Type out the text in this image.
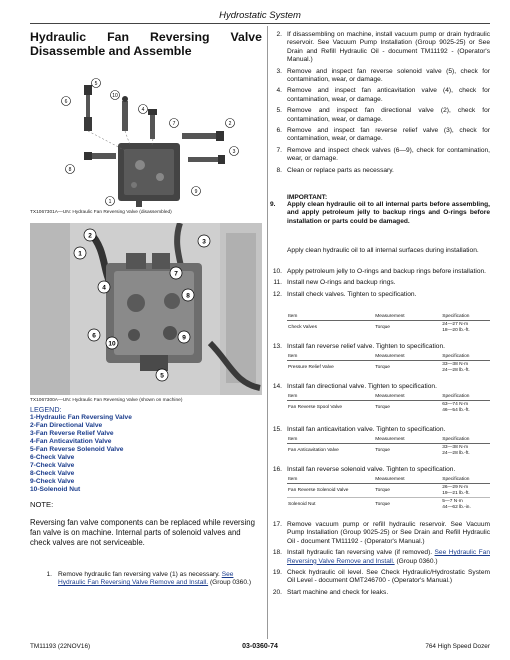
Hydrostatic System
Hydraulic Fan Reversing Valve
Disassemble and Assemble
6
5
10
4
7	2
3
8
9
1
TX1067301A—UN: Hydraulic Fan Reversing Valve (disassembled)
2
3
1
7
4
8
6
10
9
5
TX1067300A—UN: Hydraulic Fan Reversing Valve (shown on machine)
LEGEND:
1-Hydraulic Fan Reversing Valve
2-Fan Directional Valve
3-Fan Reverse Relief Valve
4-Fan Anticavitation Valve
5-Fan Reverse Solenoid Valve
6-Check Valve
7-Check Valve
8-Check Valve
9-Check Valve
10-Solenoid Nut
NOTE:
Reversing fan valve components can be replaced while reversing fan valve is on machine. Internal parts of solenoid valves and check valves are not serviceable.
1. Remove hydraulic fan reversing valve (1) as necessary. See Hydraulic Fan Reversing Valve Remove and Install. (Group 0360.)
2. If disassembling on machine, install vacuum pump or drain hydraulic reservoir. See Vacuum Pump Installation (Group 9025-25) or See Drain and Refill Hydraulic Oil - document TM11192 - (Operator's Manual.)
3. Remove and inspect fan reverse solenoid valve (5), check for contamination, wear, or damage.
4. Remove and inspect fan anticavitation valve (4), check for contamination, wear, or damage.
5. Remove and inspect fan directional valve (2), check for contamination, wear, or damage.
6. Remove and inspect fan reverse relief valve (3), check for contamination, wear, or damage.
7. Remove and inspect check valves (6—9), check for contamination, wear, or damage.
8. Clean or replace parts as necessary.
IMPORTANT:
9.	Apply clean hydraulic oil to all internal parts before assembling, and apply petroleum jelly to backup rings and O-rings before installation or parts could be damaged.
Apply clean hydraulic oil to all internal surfaces during installation.
10. Apply petroleum jelly to O-rings and backup rings before installation.
11. Install new O-rings and backup rings.
12. Install check valves. Tighten to specification.
Item	Measurement	Specification
Check Valves	Torque	24—27 N·m
18—20 lb.-ft.
13. Install fan reverse relief valve. Tighten to specification.
Item	Measurement	Specification
Pressure Relief Valve	Torque	33—38 N·m
24—28 lb.-ft.
14. Install fan directional valve. Tighten to specification.
Item	Measurement	Specification
Fan Reverse Spool Valve	Torque	63—74 N·m
46—54 lb.-ft.
15. Install fan anticavitation valve. Tighten to specification.
Item	Measurement	Specification
Fan Anticavitation Valve	Torque	33—38 N·m
24—28 lb.-ft.
16. Install fan reverse solenoid valve. Tighten to specification.
Item	Measurement	Specification
Fan Reverse Solenoid Valve	Torque	26—29 N·m
19—21 lb.-ft.

Solenoid Nut	Torque	5—7 N·m
44—62 lb.-in.
17. Remove vacuum pump or refill hydraulic reservoir. See Vacuum Pump Installation (Group 9025-25) or See Drain and Refill Hydraulic Oil - document TM11192 - (Operator's Manual.)
18. Install hydraulic fan reversing valve (if removed). See Hydraulic Fan Reversing Valve Remove and Install. (Group 0360.)
19. Check hydraulic oil level. See Check Hydraulic/Hydrostatic System Oil Level - document OMT246700 - (Operator's Manual.)
20. Start machine and check for leaks.
TM11193 (22NOV16)	03-0360-74	764 High Speed Dozer
